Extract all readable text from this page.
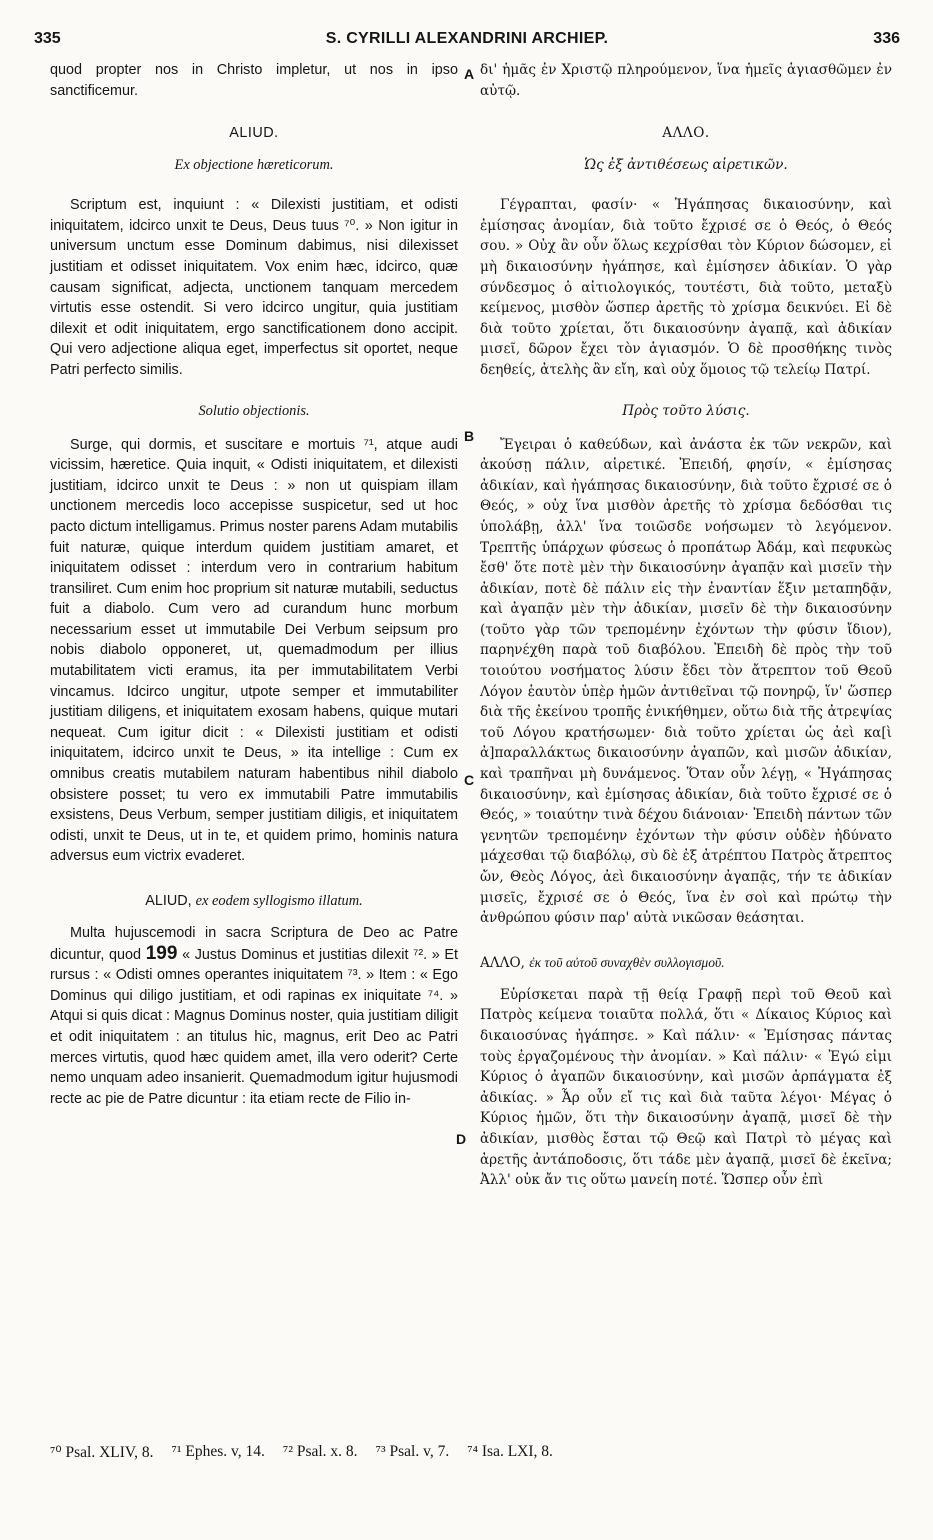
335	S. CYRILLI ALEXANDRINI ARCHIEP.	336

quod propter nos in Christo impletur, ut nos in ipso sanctificemur.

ALIUD.

Ex objectione hæreticorum.

Scriptum est, inquiunt : « Dilexisti justitiam, et odisti iniquitatem, idcirco unxit te Deus, Deus tuus ⁷⁰. » Non igitur in universum unctum esse Dominum dabimus, nisi dilexisset justitiam et odisset iniquitatem. Vox enim hæc, idcirco, quæ causam significat, adjecta, unctionem tanquam mercedem virtutis esse ostendit. Si vero idcirco ungitur, quia justitiam dilexit et odit iniquitatem, ergo sanctificationem dono accipit. Qui vero adjectione aliqua eget, imperfectus sit oportet, neque Patri perfecto similis.

Solutio objectionis.

Surge, qui dormis, et suscitare e mortuis ⁷¹, atque audi vicissim, hæretice. Quia inquit, « Odisti iniquitatem, et dilexisti justitiam, idcirco unxit te Deus : » non ut quispiam illam unctionem mercedis loco accepisse suspicetur, sed ut hoc pacto dictum intelligamus. Primus noster parens Adam mutabilis fuit naturæ, quique interdum quidem justitiam amaret, et iniquitatem odisset : interdum vero in contrarium habitum transiliret. Cum enim hoc proprium sit naturæ mutabili, seductus fuit a diabolo. Cum vero ad curandum hunc morbum necessarium esset ut immutabile Dei Verbum seipsum pro nobis diabolo opponeret, ut, quemadmodum per illius mutabilitatem victi eramus, ita per immutabilitatem Verbi vincamus. Idcirco ungitur, utpote semper et immutabiliter justitiam diligens, et iniquitatem exosam habens, quique mutari nequeat. Cum igitur dicit : « Dilexisti justitiam et odisti iniquitatem, idcirco unxit te Deus, » ita intellige : Cum ex omnibus creatis mutabilem naturam habentibus nihil diabolo obsistere posset; tu vero ex immutabili Patre immutabilis exsistens, Deus Verbum, semper justitiam diligis, et iniquitatem odisti, unxit te Deus, ut in te, et quidem primo, hominis natura adversus eum victrix evaderet.

ALIUD, ex eodem syllogismo illatum.

Multa hujuscemodi in sacra Scriptura de Deo ac Patre dicuntur, quod 199 « Justus Dominus et justitias dilexit ⁷². » Et rursus : « Odisti omnes operantes iniquitatem ⁷³. » Item : « Ego Dominus qui diligo justitiam, et odi rapinas ex iniquitate ⁷⁴. » Atqui si quis dicat : Magnus Dominus noster, quia justitiam diligit et odit iniquitatem : an titulus hic, magnus, erit Deo ac Patri merces virtutis, quod hæc quidem amet, illa vero oderit? Certe nemo unquam adeo insanierit. Quemadmodum igitur hujusmodi recte ac pie de Patre dicuntur : ita etiam recte de Filio in-

δι' ἡμᾶς ἐν Χριστῷ πληρούμενον, ἵνα ἡμεῖς ἁγιασθῶμεν ἐν αὐτῷ.

ΑΛΛΟ.

Ὡς ἐξ ἀντιθέσεως αἱρετικῶν.

Γέγραπται, φασίν· « Ἠγάπησας δικαιοσύνην, καὶ ἐμίσησας ἀνομίαν, διὰ τοῦτο ἔχρισέ σε ὁ Θεός, ὁ Θεός σου. » Οὐχ ἂν οὖν ὅλως κεχρίσθαι τὸν Κύριον δώσομεν, εἰ μὴ δικαιοσύνην ἠγάπησε, καὶ ἐμίσησεν ἀδικίαν. Ὁ γὰρ σύνδεσμος ὁ αἰτιολογικός, τουτέστι, διὰ τοῦτο, μεταξὺ κείμενος, μισθὸν ὥσπερ ἀρετῆς τὸ χρίσμα δεικνύει. Εἰ δὲ διὰ τοῦτο χρίεται, ὅτι δικαιοσύνην ἀγαπᾷ, καὶ ἀδικίαν μισεῖ, δῶρον ἔχει τὸν ἁγιασμόν. Ὁ δὲ προσθήκης τινὸς δεηθείς, ἀτελὴς ἂν εἴη, καὶ οὐχ ὅμοιος τῷ τελείῳ Πατρί.

Πρὸς τοῦτο λύσις.

Ἔγειραι ὁ καθεύδων, καὶ ἀνάστα ἐκ τῶν νεκρῶν, καὶ ἀκούσῃ πάλιν, αἱρετικέ. Ἐπειδή, φησίν, « ἐμίσησας ἀδικίαν, καὶ ἠγάπησας δικαιοσύνην, διὰ τοῦτο ἔχρισέ σε ὁ Θεός, » οὐχ ἵνα μισθὸν ἀρετῆς τὸ χρίσμα δεδόσθαι τις ὑπολάβῃ, ἀλλ' ἵνα τοιῶσδε νοήσωμεν τὸ λεγόμενον. Τρεπτῆς ὑπάρχων φύσεως ὁ προπάτωρ Ἀδάμ, καὶ πεφυκὼς ἔσθ' ὅτε ποτὲ μὲν τὴν δικαιοσύνην ἀγαπᾷν καὶ μισεῖν τὴν ἀδικίαν, ποτὲ δὲ πάλιν εἰς τὴν ἐναντίαν ἕξιν μεταπηδᾷν, καὶ ἀγαπᾷν μὲν τὴν ἀδικίαν, μισεῖν δὲ τὴν δικαιοσύνην (τοῦτο γὰρ τῶν τρεπομένην ἐχόντων τὴν φύσιν ἴδιον), παρηνέχθη παρὰ τοῦ διαβόλου. Ἐπειδὴ δὲ πρὸς τὴν τοῦ τοιούτου νοσήματος λύσιν ἔδει τὸν ἄτρεπτον τοῦ Θεοῦ Λόγον ἑαυτὸν ὑπὲρ ἡμῶν ἀντιθεῖναι τῷ πονηρῷ, ἵν' ὥσπερ διὰ τῆς ἐκείνου τροπῆς ἐνικήθημεν, οὕτω διὰ τῆς ἀτρεψίας τοῦ Λόγου κρατήσωμεν· διὰ τοῦτο χρίεται ὡς ἀεὶ κα[ὶ ἀ]παραλλάκτως δικαιοσύνην ἀγαπῶν, καὶ μισῶν ἀδικίαν, καὶ τραπῆναι μὴ δυνάμενος. Ὅταν οὖν λέγῃ, « Ἠγάπησας δικαιοσύνην, καὶ ἐμίσησας ἀδικίαν, διὰ τοῦτο ἔχρισέ σε ὁ Θεός, » τοιαύτην τινὰ δέχου διάνοιαν· Ἐπειδὴ πάντων τῶν γενητῶν τρεπομένην ἐχόντων τὴν φύσιν οὐδὲν ἠδύνατο μάχεσθαι τῷ διαβόλῳ, σὺ δὲ ἐξ ἀτρέπτου Πατρὸς ἄτρεπτος ὤν, Θεὸς Λόγος, ἀεὶ δικαιοσύνην ἀγαπᾷς, τήν τε ἀδικίαν μισεῖς, ἔχρισέ σε ὁ Θεός, ἵνα ἐν σοὶ καὶ πρώτῳ τὴν ἀνθρώπου φύσιν παρ' αὐτὰ νικῶσαν θεάσηται.

ΑΛΛΟ, ἐκ τοῦ αὐτοῦ συναχθὲν συλλογισμοῦ.

Εὑρίσκεται παρὰ τῇ θείᾳ Γραφῇ περὶ τοῦ Θεοῦ καὶ Πατρὸς κείμενα τοιαῦτα πολλά, ὅτι « Δίκαιος Κύριος καὶ δικαιοσύνας ἠγάπησε. » Καὶ πάλιν· « Ἐμίσησας πάντας τοὺς ἐργαζομένους τὴν ἀνομίαν. » Καὶ πάλιν· « Ἐγώ εἰμι Κύριος ὁ ἀγαπῶν δικαιοσύνην, καὶ μισῶν ἁρπάγματα ἐξ ἀδικίας. » Ἆρ οὖν εἴ τις καὶ διὰ ταῦτα λέγοι· Μέγας ὁ Κύριος ἡμῶν, ὅτι τὴν δικαιοσύνην ἀγαπᾷ, μισεῖ δὲ τὴν ἀδικίαν, μισθὸς ἔσται τῷ Θεῷ καὶ Πατρὶ τὸ μέγας καὶ ἀρετῆς ἀντάποδοσις, ὅτι τάδε μὲν ἀγαπᾷ, μισεῖ δὲ ἐκεῖνα; Ἀλλ' οὐκ ἄν τις οὕτω μανείη ποτέ. Ὥσπερ οὖν ἐπὶ

A
B
C
D
⁷⁰ Psal. XLIV, 8. ⁷¹ Ephes. v, 14. ⁷² Psal. x. 8. ⁷³ Psal. v, 7. ⁷⁴ Isa. LXI, 8.
